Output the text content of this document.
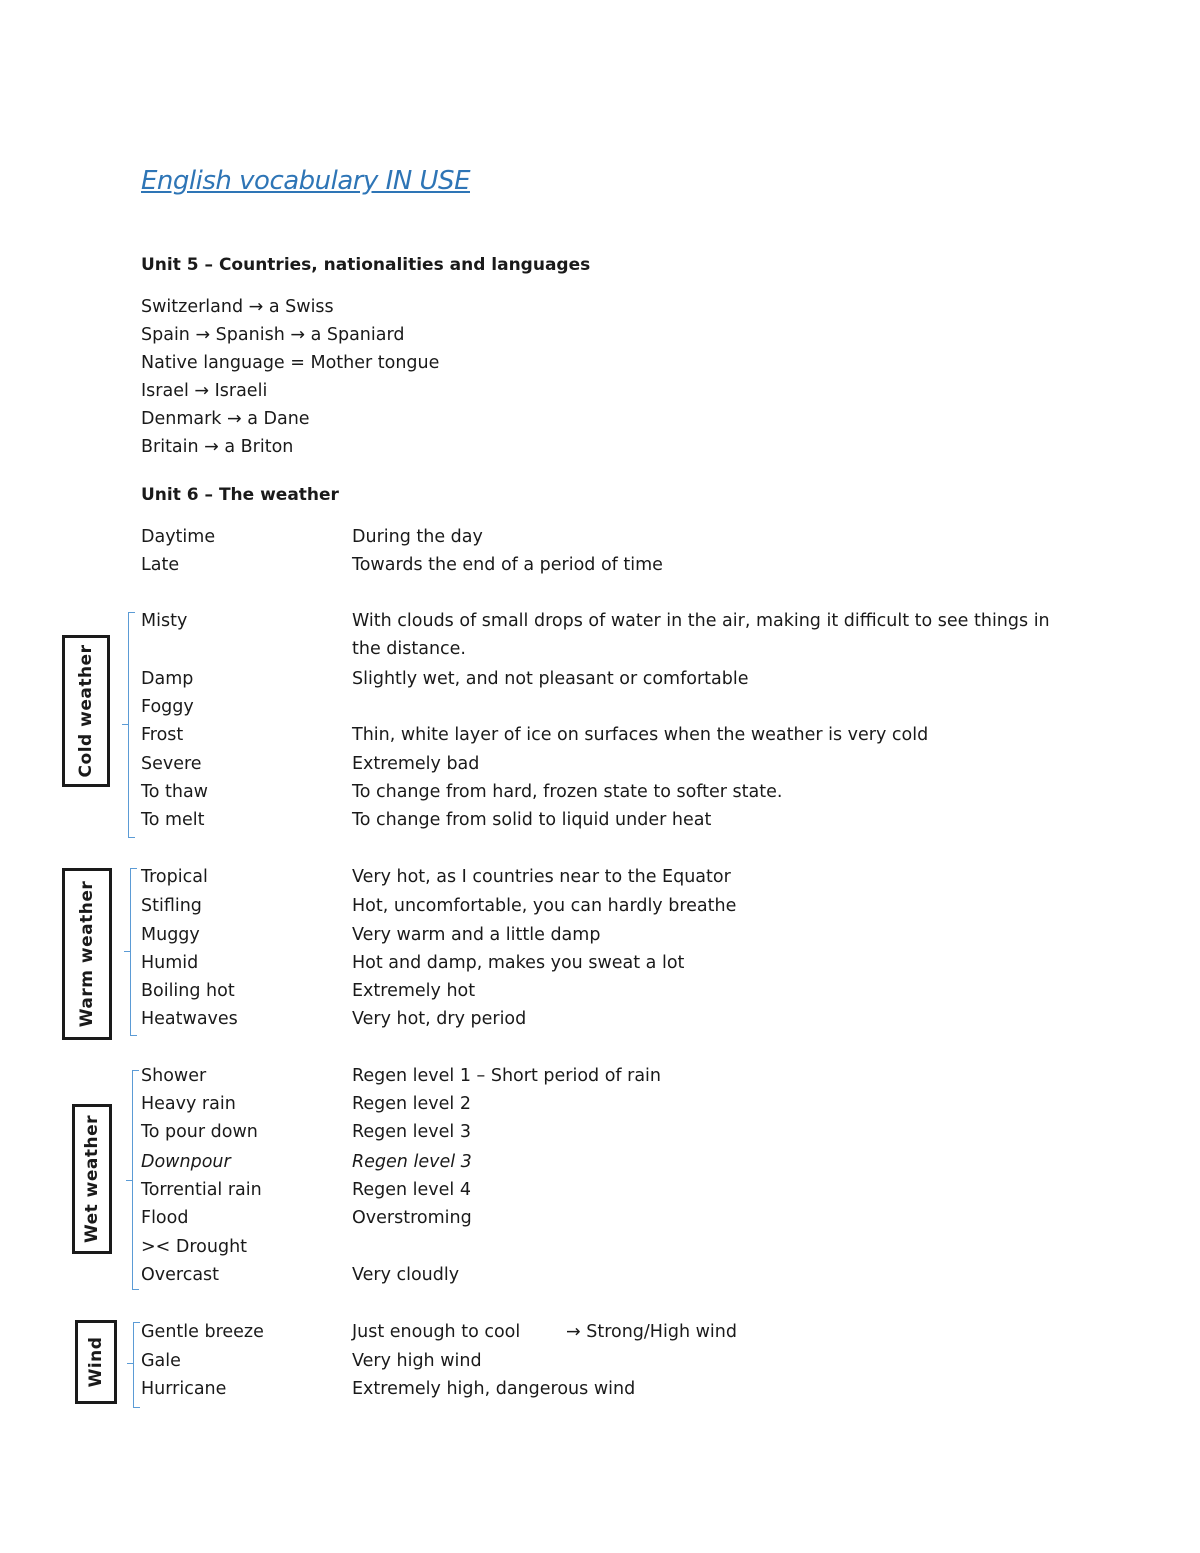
English vocabulary IN USE
Unit 5 – Countries, nationalities and languages
Switzerland → a Swiss
Spain → Spanish → a Spaniard
Native language = Mother tongue
Israel → Israeli
Denmark → a Dane
Britain → a Briton
Unit 6 – The weather
Daytime	During the day
Late	Towards the end of a period of time
Cold weather
Misty	With clouds of small drops of water in the air, making it difficult to see things in
the distance.
Damp	Slightly wet, and not pleasant or comfortable
Foggy
Frost	Thin, white layer of ice on surfaces when the weather is very cold
Severe	Extremely bad
To thaw	To change from hard, frozen state to softer state.
To melt	To change from solid to liquid under heat
Warm weather
Tropical	Very hot, as I countries near to the Equator
Stifling	Hot, uncomfortable, you can hardly breathe
Muggy	Very warm and a little damp
Humid	Hot and damp, makes you sweat a lot
Boiling hot	Extremely hot
Heatwaves	Very hot, dry period
Wet weather
Shower	Regen level 1 – Short period of rain
Heavy rain	Regen level 2
To pour down	Regen level 3
Downpour	Regen level 3
Torrential rain	Regen level 4
Flood	Overstroming
>< Drought
Overcast	Very cloudly
Wind
Gentle breeze	Just enough to cool	→ Strong/High wind
Gale	Very high wind
Hurricane	Extremely high, dangerous wind
